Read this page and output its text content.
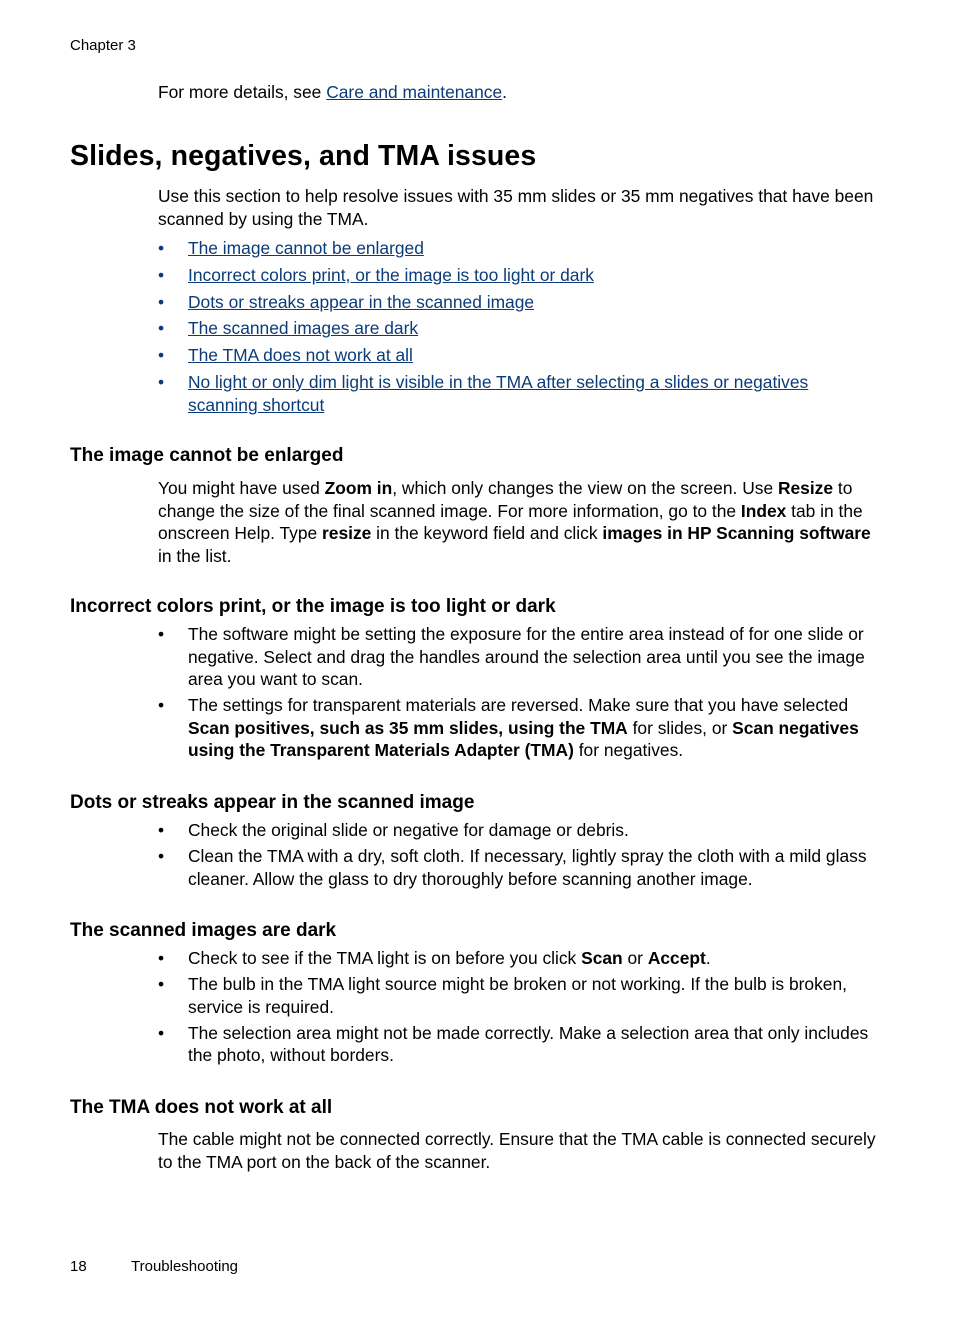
Chapter 3

For more details, see Care and maintenance.

Slides, negatives, and TMA issues

Use this section to help resolve issues with 35 mm slides or 35 mm negatives that have been scanned by using the TMA.

• The image cannot be enlarged
• Incorrect colors print, or the image is too light or dark
• Dots or streaks appear in the scanned image
• The scanned images are dark
• The TMA does not work at all
• No light or only dim light is visible in the TMA after selecting a slides or negatives scanning shortcut
The image cannot be enlarged

You might have used Zoom in, which only changes the view on the screen. Use Resize to change the size of the final scanned image. For more information, go to the Index tab in the onscreen Help. Type resize in the keyword field and click images in HP Scanning software in the list.

Incorrect colors print, or the image is too light or dark
• The software might be setting the exposure for the entire area instead of for one slide or negative. Select and drag the handles around the selection area until you see the image area you want to scan.
• The settings for transparent materials are reversed. Make sure that you have selected Scan positives, such as 35 mm slides, using the TMA for slides, or Scan negatives using the Transparent Materials Adapter (TMA) for negatives.
Dots or streaks appear in the scanned image
• Check the original slide or negative for damage or debris.
• Clean the TMA with a dry, soft cloth. If necessary, lightly spray the cloth with a mild glass cleaner. Allow the glass to dry thoroughly before scanning another image.
The scanned images are dark
• Check to see if the TMA light is on before you click Scan or Accept.
• The bulb in the TMA light source might be broken or not working. If the bulb is broken, service is required.
• The selection area might not be made correctly. Make a selection area that only includes the photo, without borders.
The TMA does not work at all

The cable might not be connected correctly. Ensure that the TMA cable is connected securely to the TMA port on the back of the scanner.

18	Troubleshooting
